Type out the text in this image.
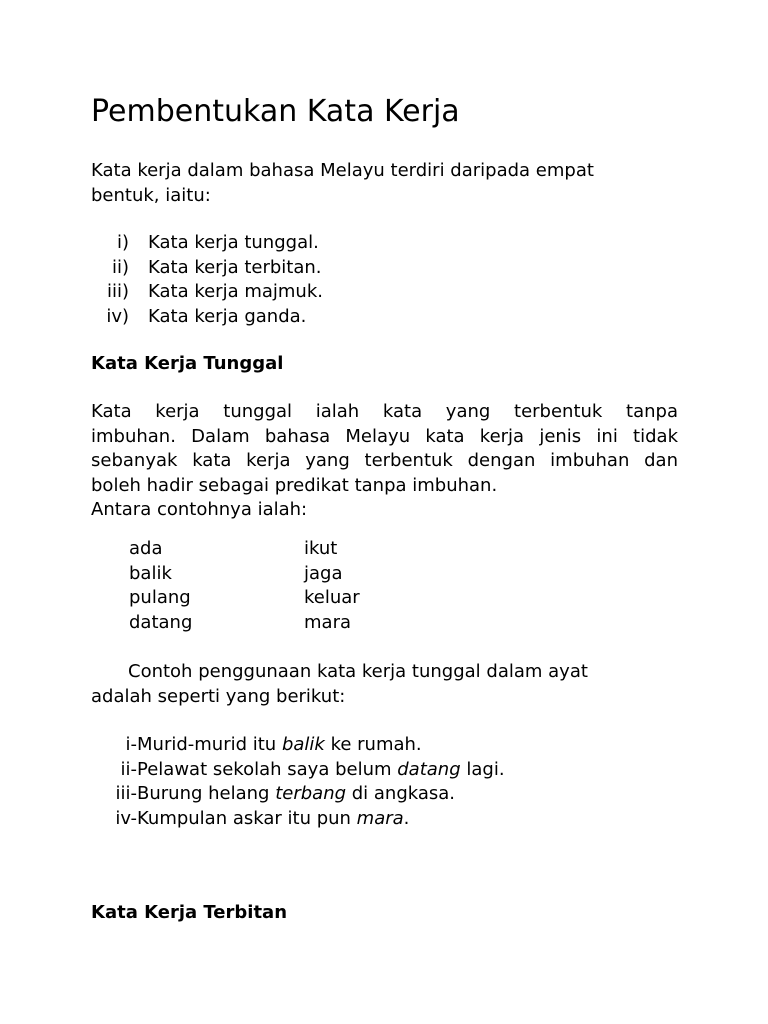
Pembentukan Kata Kerja

Kata kerja dalam bahasa Melayu terdiri daripada empat
bentuk, iaitu:

i) Kata kerja tunggal.
ii) Kata kerja terbitan.
iii) Kata kerja majmuk.
iv) Kata kerja ganda.
Kata Kerja Tunggal

Kata kerja tunggal ialah kata yang terbentuk tanpa
imbuhan. Dalam bahasa Melayu kata kerja jenis ini tidak
sebanyak kata kerja yang terbentuk dengan imbuhan dan
boleh hadir sebagai predikat tanpa imbuhan.
Antara contohnya ialah:

ada	ikut
balik	jaga
pulang	keluar
datang	mara

Contoh penggunaan kata kerja tunggal dalam ayat
adalah seperti yang berikut:

i- Murid-murid itu balik ke rumah.
ii- Pelawat sekolah saya belum datang lagi.
iii- Burung helang terbang di angkasa.
iv- Kumpulan askar itu pun mara .
Kata Kerja Terbitan
